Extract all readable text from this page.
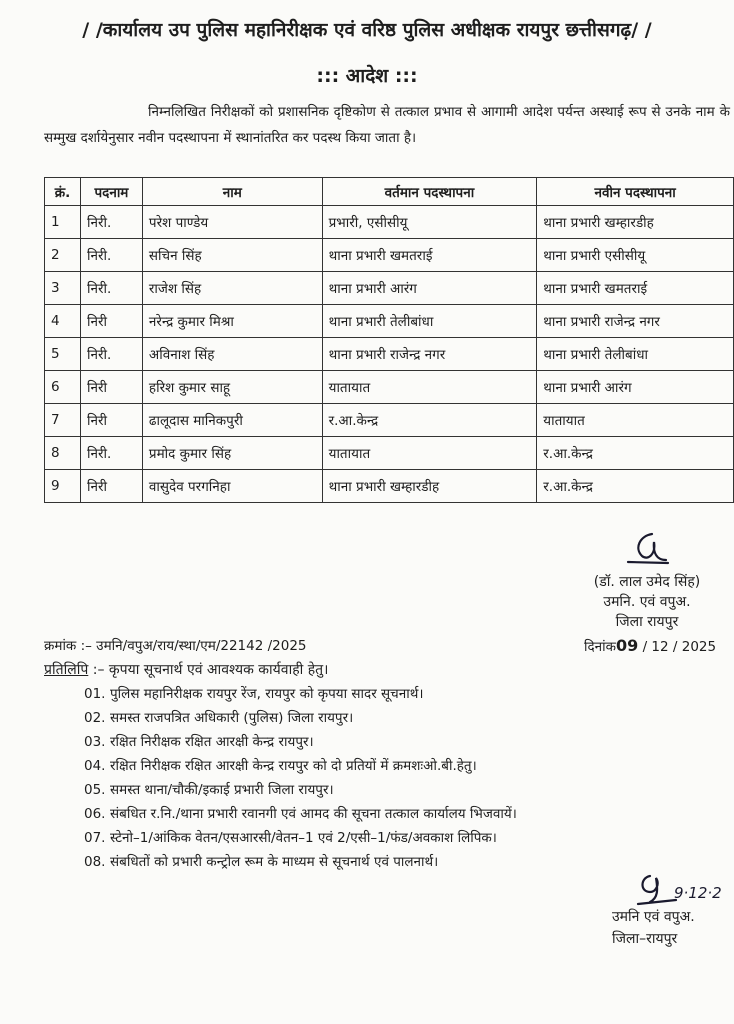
/ /कार्यालय उप पुलिस महानिरीक्षक एवं वरिष्ठ पुलिस अधीक्षक रायपुर छत्तीसगढ़/ /
::: आदेश :::

निम्नलिखित निरीक्षकों को प्रशासनिक दृष्टिकोण से तत्काल प्रभाव से आगामी आदेश पर्यन्त अस्थाई रूप से उनके नाम के सम्मुख दर्शायेनुसार नवीन पदस्थापना में स्थानांतरित कर पदस्थ किया जाता है।

क्रं.	पदनाम	नाम	वर्तमान पदस्थापना	नवीन पदस्थापना
1	निरी.	परेश पाण्डेय	प्रभारी, एसीसीयू	थाना प्रभारी खम्हारडीह
2	निरी.	सचिन सिंह	थाना प्रभारी खमतराई	थाना प्रभारी एसीसीयू
3	निरी.	राजेश सिंह	थाना प्रभारी आरंग	थाना प्रभारी खमतराई
4	निरी	नरेन्द्र कुमार मिश्रा	थाना प्रभारी तेलीबांधा	थाना प्रभारी राजेन्द्र नगर
5	निरी.	अविनाश सिंह	थाना प्रभारी राजेन्द्र नगर	थाना प्रभारी तेलीबांधा
6	निरी	हरिश कुमार साहू	यातायात	थाना प्रभारी आरंग
7	निरी	ढालूदास मानिकपुरी	र.आ.केन्द्र	यातायात
8	निरी.	प्रमोद कुमार सिंह	यातायात	र.आ.केन्द्र
9	निरी	वासुदेव परगनिहा	थाना प्रभारी खम्हारडीह	र.आ.केन्द्र
(डॉ. लाल उमेद सिंह)
उमनि. एवं वपुअ.
जिला रायपुर
क्रमांक :– उमनि/वपुअ/राय/स्था/एम/22142 /2025	दिनांक09 / 12 / 2025
प्रतिलिपि :– कृपया सूचनार्थ एवं आवश्यक कार्यवाही हेतु।
01. पुलिस महानिरीक्षक रायपुर रेंज, रायपुर को कृपया सादर सूचनार्थ।
02. समस्त राजपत्रित अधिकारी (पुलिस) जिला रायपुर।
03. रक्षित निरीक्षक रक्षित आरक्षी केन्द्र रायपुर।
04. रक्षित निरीक्षक रक्षित आरक्षी केन्द्र रायपुर को दो प्रतियों में क्रमशःओ.बी.हेतु।
05. समस्त थाना/चौकी/इकाई प्रभारी जिला रायपुर।
06. संबधित र.नि./थाना प्रभारी रवानगी एवं आमद की सूचना तत्काल कार्यालय भिजवायें।
07. स्टेनो–1/आंकिक वेतन/एसआरसी/वेतन–1 एवं 2/एसी–1/फंड/अवकाश लिपिक।
08. संबधितों को प्रभारी कन्ट्रोल रूम के माध्यम से सूचनार्थ एवं पालनार्थ।
9·12·2
उमनि एवं वपुअ.
जिला–रायपुर
